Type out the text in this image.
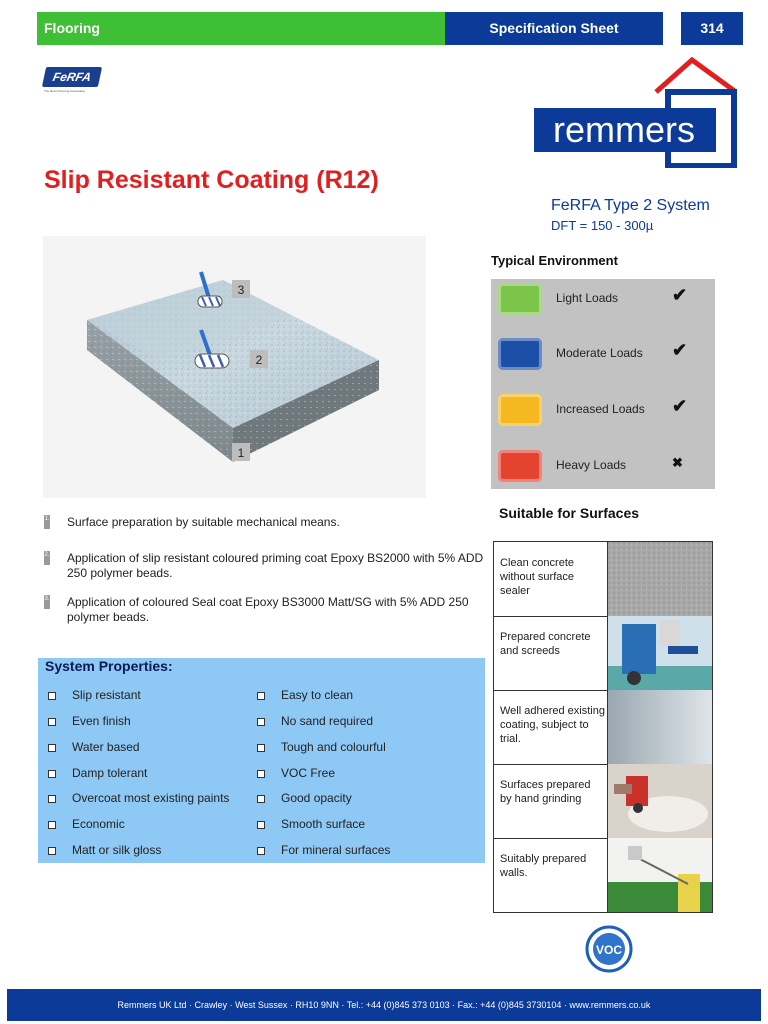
Flooring	Specification Sheet	314
FeRFA
The Resin Flooring Association
remmers
Slip Resistant Coating (R12)
FeRFA Type 2 System
DFT = 150 - 300µ
3
2
1
1. Surface preparation by suitable mechanical means.
2. Application of slip resistant coloured priming coat Epoxy BS2000 with 5% ADD 250 polymer beads.
3. Application of coloured Seal coat Epoxy BS3000 Matt/SG with 5% ADD 250 polymer beads.
System Properties:
Slip resistant
Even finish
Water based
Damp tolerant
Overcoat most existing paints
Economic
Matt or silk gloss
Easy to clean
No sand required
Tough and colourful
VOC Free
Good opacity
Smooth surface
For mineral surfaces
Typical Environment
Light Loads	✔
Moderate Loads ✔
Increased Loads ✔
Heavy Loads	✖
Suitable for Surfaces
Clean concrete without surface sealer
Prepared concrete and screeds
Well adhered existing coating, subject to trial.
Surfaces prepared by hand grinding
Suitably prepared walls.
VOC
Remmers UK Ltd · Crawley · West Sussex · RH10 9NN · Tel.: +44 (0)845 373 0103 · Fax.: +44 (0)845 3730104 · www.remmers.co.uk
